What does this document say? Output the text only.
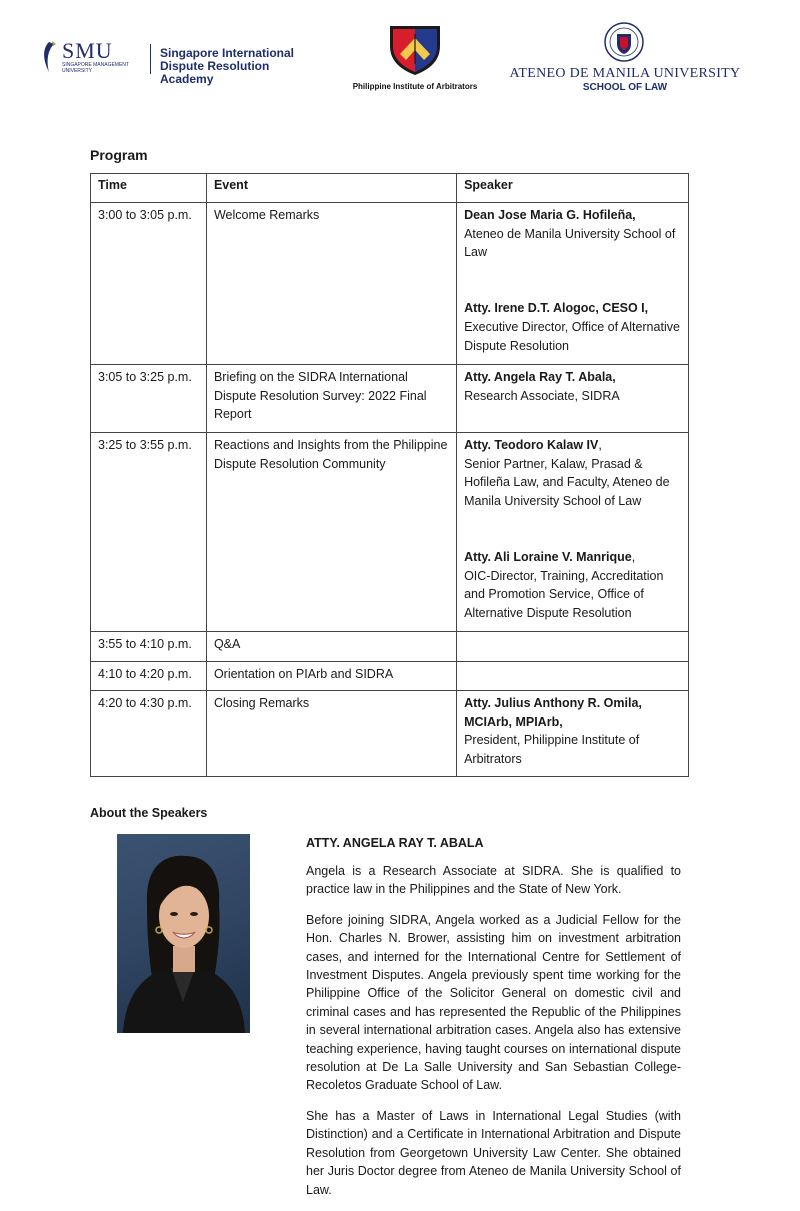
SMU
SINGAPORE MANAGEMENT UNIVERSITY
Singapore International Dispute Resolution Academy
Philippine Institute of Arbitrators
ATENEO DE MANILA UNIVERSITY
SCHOOL OF LAW
Program
Time	Event	Speaker
3:00 to 3:05 p.m.	Welcome Remarks	Dean Jose Maria G. Hofileña,
Ateneo de Manila University School of Law
Atty. Irene D.T. Alogoc, CESO I,
Executive Director, Office of Alternative Dispute Resolution

3:05 to 3:25 p.m.	Briefing on the SIDRA International Dispute Resolution Survey: 2022 Final Report	Atty. Angela Ray T. Abala,
Research Associate, SIDRA

3:25 to 3:55 p.m.	Reactions and Insights from the Philippine Dispute Resolution Community	Atty. Teodoro Kalaw IV,
Senior Partner, Kalaw, Prasad & Hofileña Law, and Faculty, Ateneo de Manila University School of Law
Atty. Ali Loraine V. Manrique,
OIC-Director, Training, Accreditation and Promotion Service, Office of Alternative Dispute Resolution

3:55 to 4:10 p.m.	Q&A	
4:10 to 4:20 p.m.	Orientation on PIArb and SIDRA	
4:20 to 4:30 p.m.	Closing Remarks	Atty. Julius Anthony R. Omila, MCIArb, MPIArb,
President, Philippine Institute of Arbitrators
About the Speakers
ATTY. ANGELA RAY T. ABALA

Angela is a Research Associate at SIDRA. She is qualified to practice law in the Philippines and the State of New York.

Before joining SIDRA, Angela worked as a Judicial Fellow for the Hon. Charles N. Brower, assisting him on investment arbitration cases, and interned for the International Centre for Settlement of Investment Disputes. Angela previously spent time working for the Philippine Office of the Solicitor General on domestic civil and criminal cases and has represented the Republic of the Philippines in several international arbitration cases. Angela also has extensive teaching experience, having taught courses on international dispute resolution at De La Salle University and San Sebastian College-Recoletos Graduate School of Law.

She has a Master of Laws in International Legal Studies (with Distinction) and a Certificate in International Arbitration and Dispute Resolution from Georgetown University Law Center. She obtained her Juris Doctor degree from Ateneo de Manila University School of Law.
